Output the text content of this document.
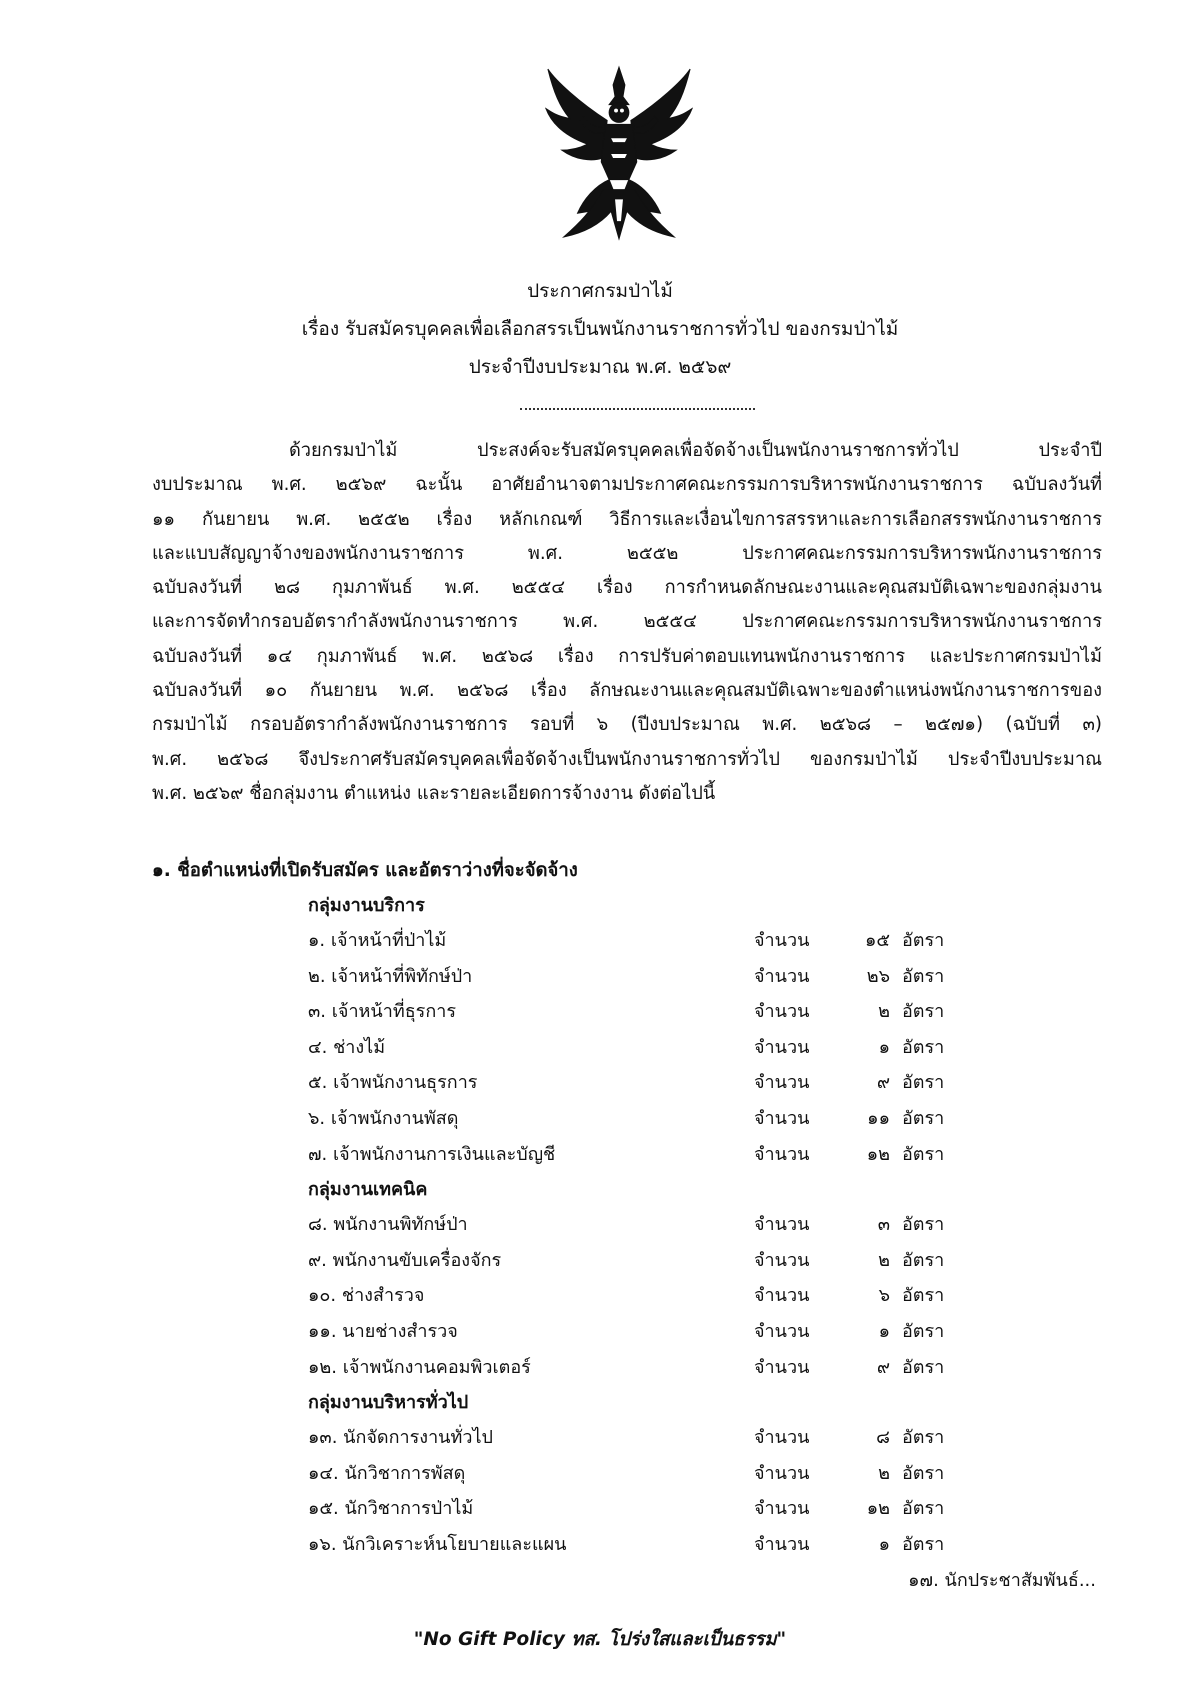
ประกาศกรมป่าไม้
เรื่อง รับสมัครบุคคลเพื่อเลือกสรรเป็นพนักงานราชการทั่วไป ของกรมป่าไม้
ประจำปีงบประมาณ พ.ศ. ๒๕๖๙

ด้วยกรมป่าไม้ ประสงค์จะรับสมัครบุคคลเพื่อจัดจ้างเป็นพนักงานราชการทั่วไป ประจำปี

งบประมาณ พ.ศ. ๒๕๖๙ ฉะนั้น อาศัยอำนาจตามประกาศคณะกรรมการบริหารพนักงานราชการ ฉบับลงวันที่

๑๑ กันยายน พ.ศ. ๒๕๕๒ เรื่อง หลักเกณฑ์ วิธีการและเงื่อนไขการสรรหาและการเลือกสรรพนักงานราชการ

และแบบสัญญาจ้างของพนักงานราชการ พ.ศ. ๒๕๕๒ ประกาศคณะกรรมการบริหารพนักงานราชการ

ฉบับลงวันที่ ๒๘ กุมภาพันธ์ พ.ศ. ๒๕๕๔ เรื่อง การกำหนดลักษณะงานและคุณสมบัติเฉพาะของกลุ่มงาน

และการจัดทำกรอบอัตรากำลังพนักงานราชการ พ.ศ. ๒๕๕๔ ประกาศคณะกรรมการบริหารพนักงานราชการ

ฉบับลงวันที่ ๑๔ กุมภาพันธ์ พ.ศ. ๒๕๖๘ เรื่อง การปรับค่าตอบแทนพนักงานราชการ และประกาศกรมป่าไม้

ฉบับลงวันที่ ๑๐ กันยายน พ.ศ. ๒๕๖๘ เรื่อง ลักษณะงานและคุณสมบัติเฉพาะของตำแหน่งพนักงานราชการของ

กรมป่าไม้ กรอบอัตรากำลังพนักงานราชการ รอบที่ ๖ (ปีงบประมาณ พ.ศ. ๒๕๖๘ – ๒๕๗๑) (ฉบับที่ ๓)

พ.ศ. ๒๕๖๘ จึงประกาศรับสมัครบุคคลเพื่อจัดจ้างเป็นพนักงานราชการทั่วไป ของกรมป่าไม้ ประจำปีงบประมาณ

พ.ศ. ๒๕๖๙ ชื่อกลุ่มงาน ตำแหน่ง และรายละเอียดการจ้างงาน ดังต่อไปนี้

๑. ชื่อตำแหน่งที่เปิดรับสมัคร และอัตราว่างที่จะจัดจ้าง
กลุ่มงานบริการ
๑. เจ้าหน้าที่ป่าไม้	จำนวน	๑๕ อัตรา
๒. เจ้าหน้าที่พิทักษ์ป่า	จำนวน	๒๖ อัตรา
๓. เจ้าหน้าที่ธุรการ	จำนวน	๒ อัตรา
๔. ช่างไม้	จำนวน	๑ อัตรา
๕. เจ้าพนักงานธุรการ	จำนวน	๙ อัตรา
๖. เจ้าพนักงานพัสดุ	จำนวน	๑๑ อัตรา
๗. เจ้าพนักงานการเงินและบัญชี	จำนวน	๑๒ อัตรา
กลุ่มงานเทคนิค
๘. พนักงานพิทักษ์ป่า	จำนวน	๓ อัตรา
๙. พนักงานขับเครื่องจักร	จำนวน	๒ อัตรา
๑๐. ช่างสำรวจ	จำนวน	๖ อัตรา
๑๑. นายช่างสำรวจ	จำนวน	๑ อัตรา
๑๒. เจ้าพนักงานคอมพิวเตอร์	จำนวน	๙ อัตรา
กลุ่มงานบริหารทั่วไป
๑๓. นักจัดการงานทั่วไป	จำนวน	๘ อัตรา
๑๔. นักวิชาการพัสดุ	จำนวน	๒ อัตรา
๑๕. นักวิชาการป่าไม้	จำนวน	๑๒ อัตรา
๑๖. นักวิเคราะห์นโยบายและแผน	จำนวน	๑ อัตรา
๑๗. นักประชาสัมพันธ์...
"No Gift Policy ทส. โปร่งใสและเป็นธรรม"
